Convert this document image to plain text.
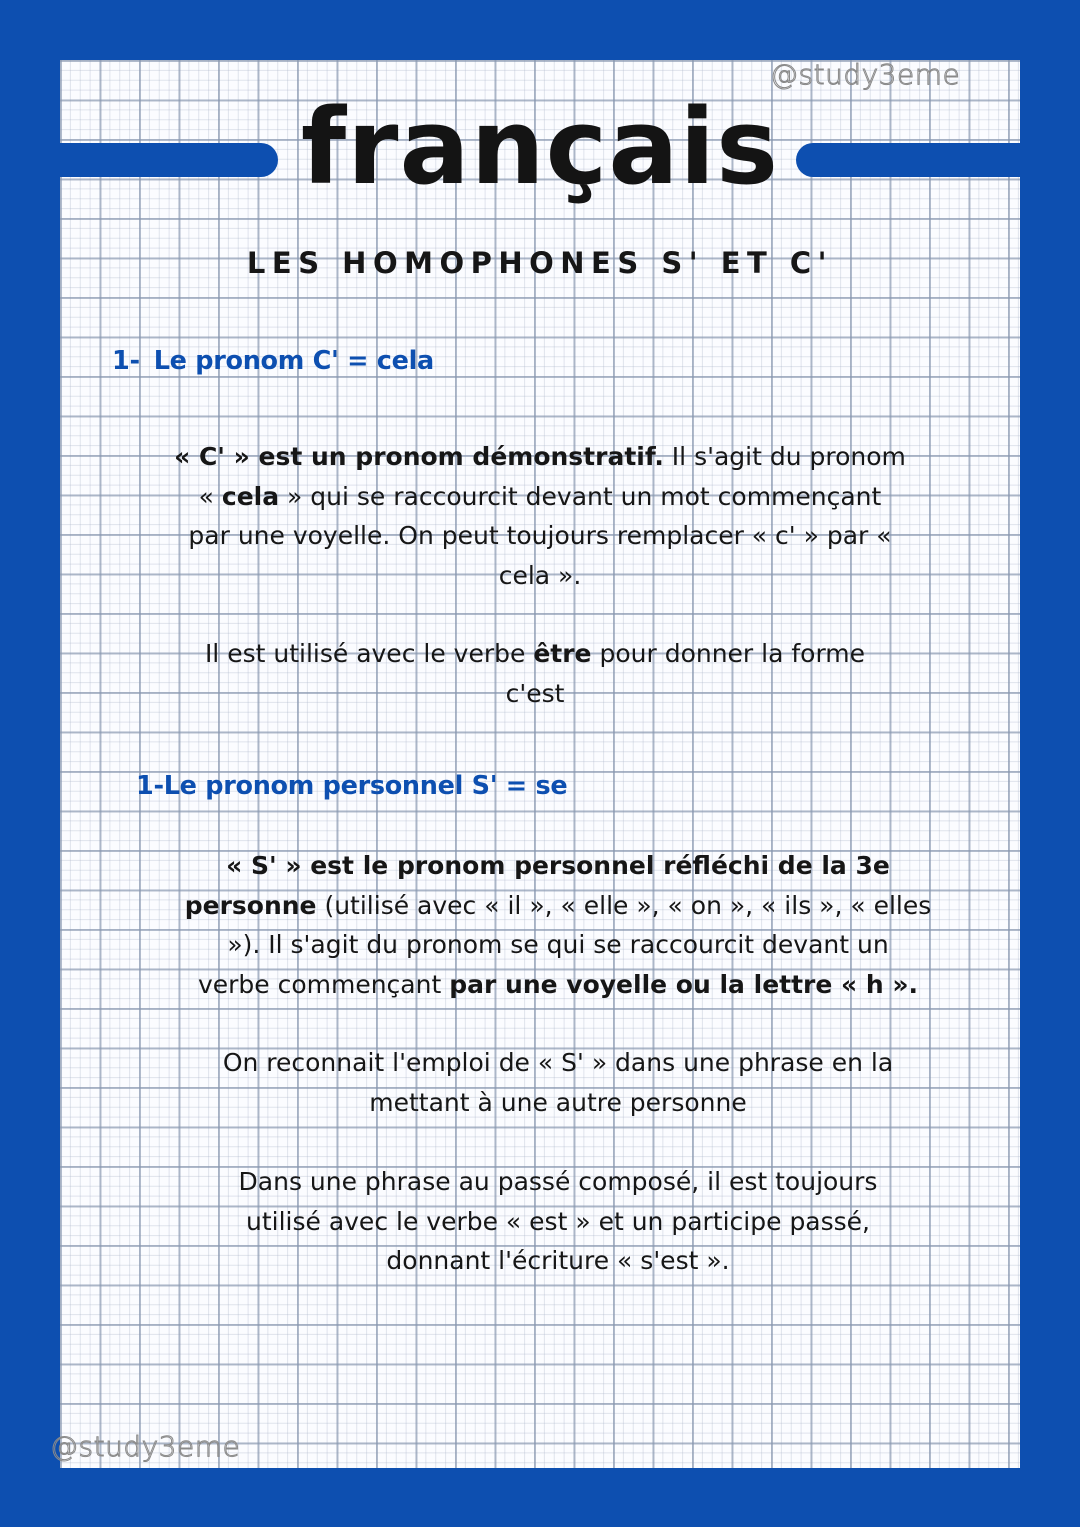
@study3eme
français
LES HOMOPHONES S' ET C'
1- Le pronom C' = cela
« C' » est un pronom démonstratif. Il s'agit du pronom
« cela » qui se raccourcit devant un mot commençant
par une voyelle. On peut toujours remplacer « c' » par «
cela ».
Il est utilisé avec le verbe être pour donner la forme
c'est
1-Le pronom personnel S' = se
« S' » est le pronom personnel réfléchi de la 3e
personne (utilisé avec « il », « elle », « on », « ils », « elles
»). Il s'agit du pronom se qui se raccourcit devant un
verbe commençant par une voyelle ou la lettre « h ».
On reconnait l'emploi de « S' » dans une phrase en la
mettant à une autre personne
Dans une phrase au passé composé, il est toujours
utilisé avec le verbe « est » et un participe passé,
donnant l'écriture « s'est ».
@study3eme
